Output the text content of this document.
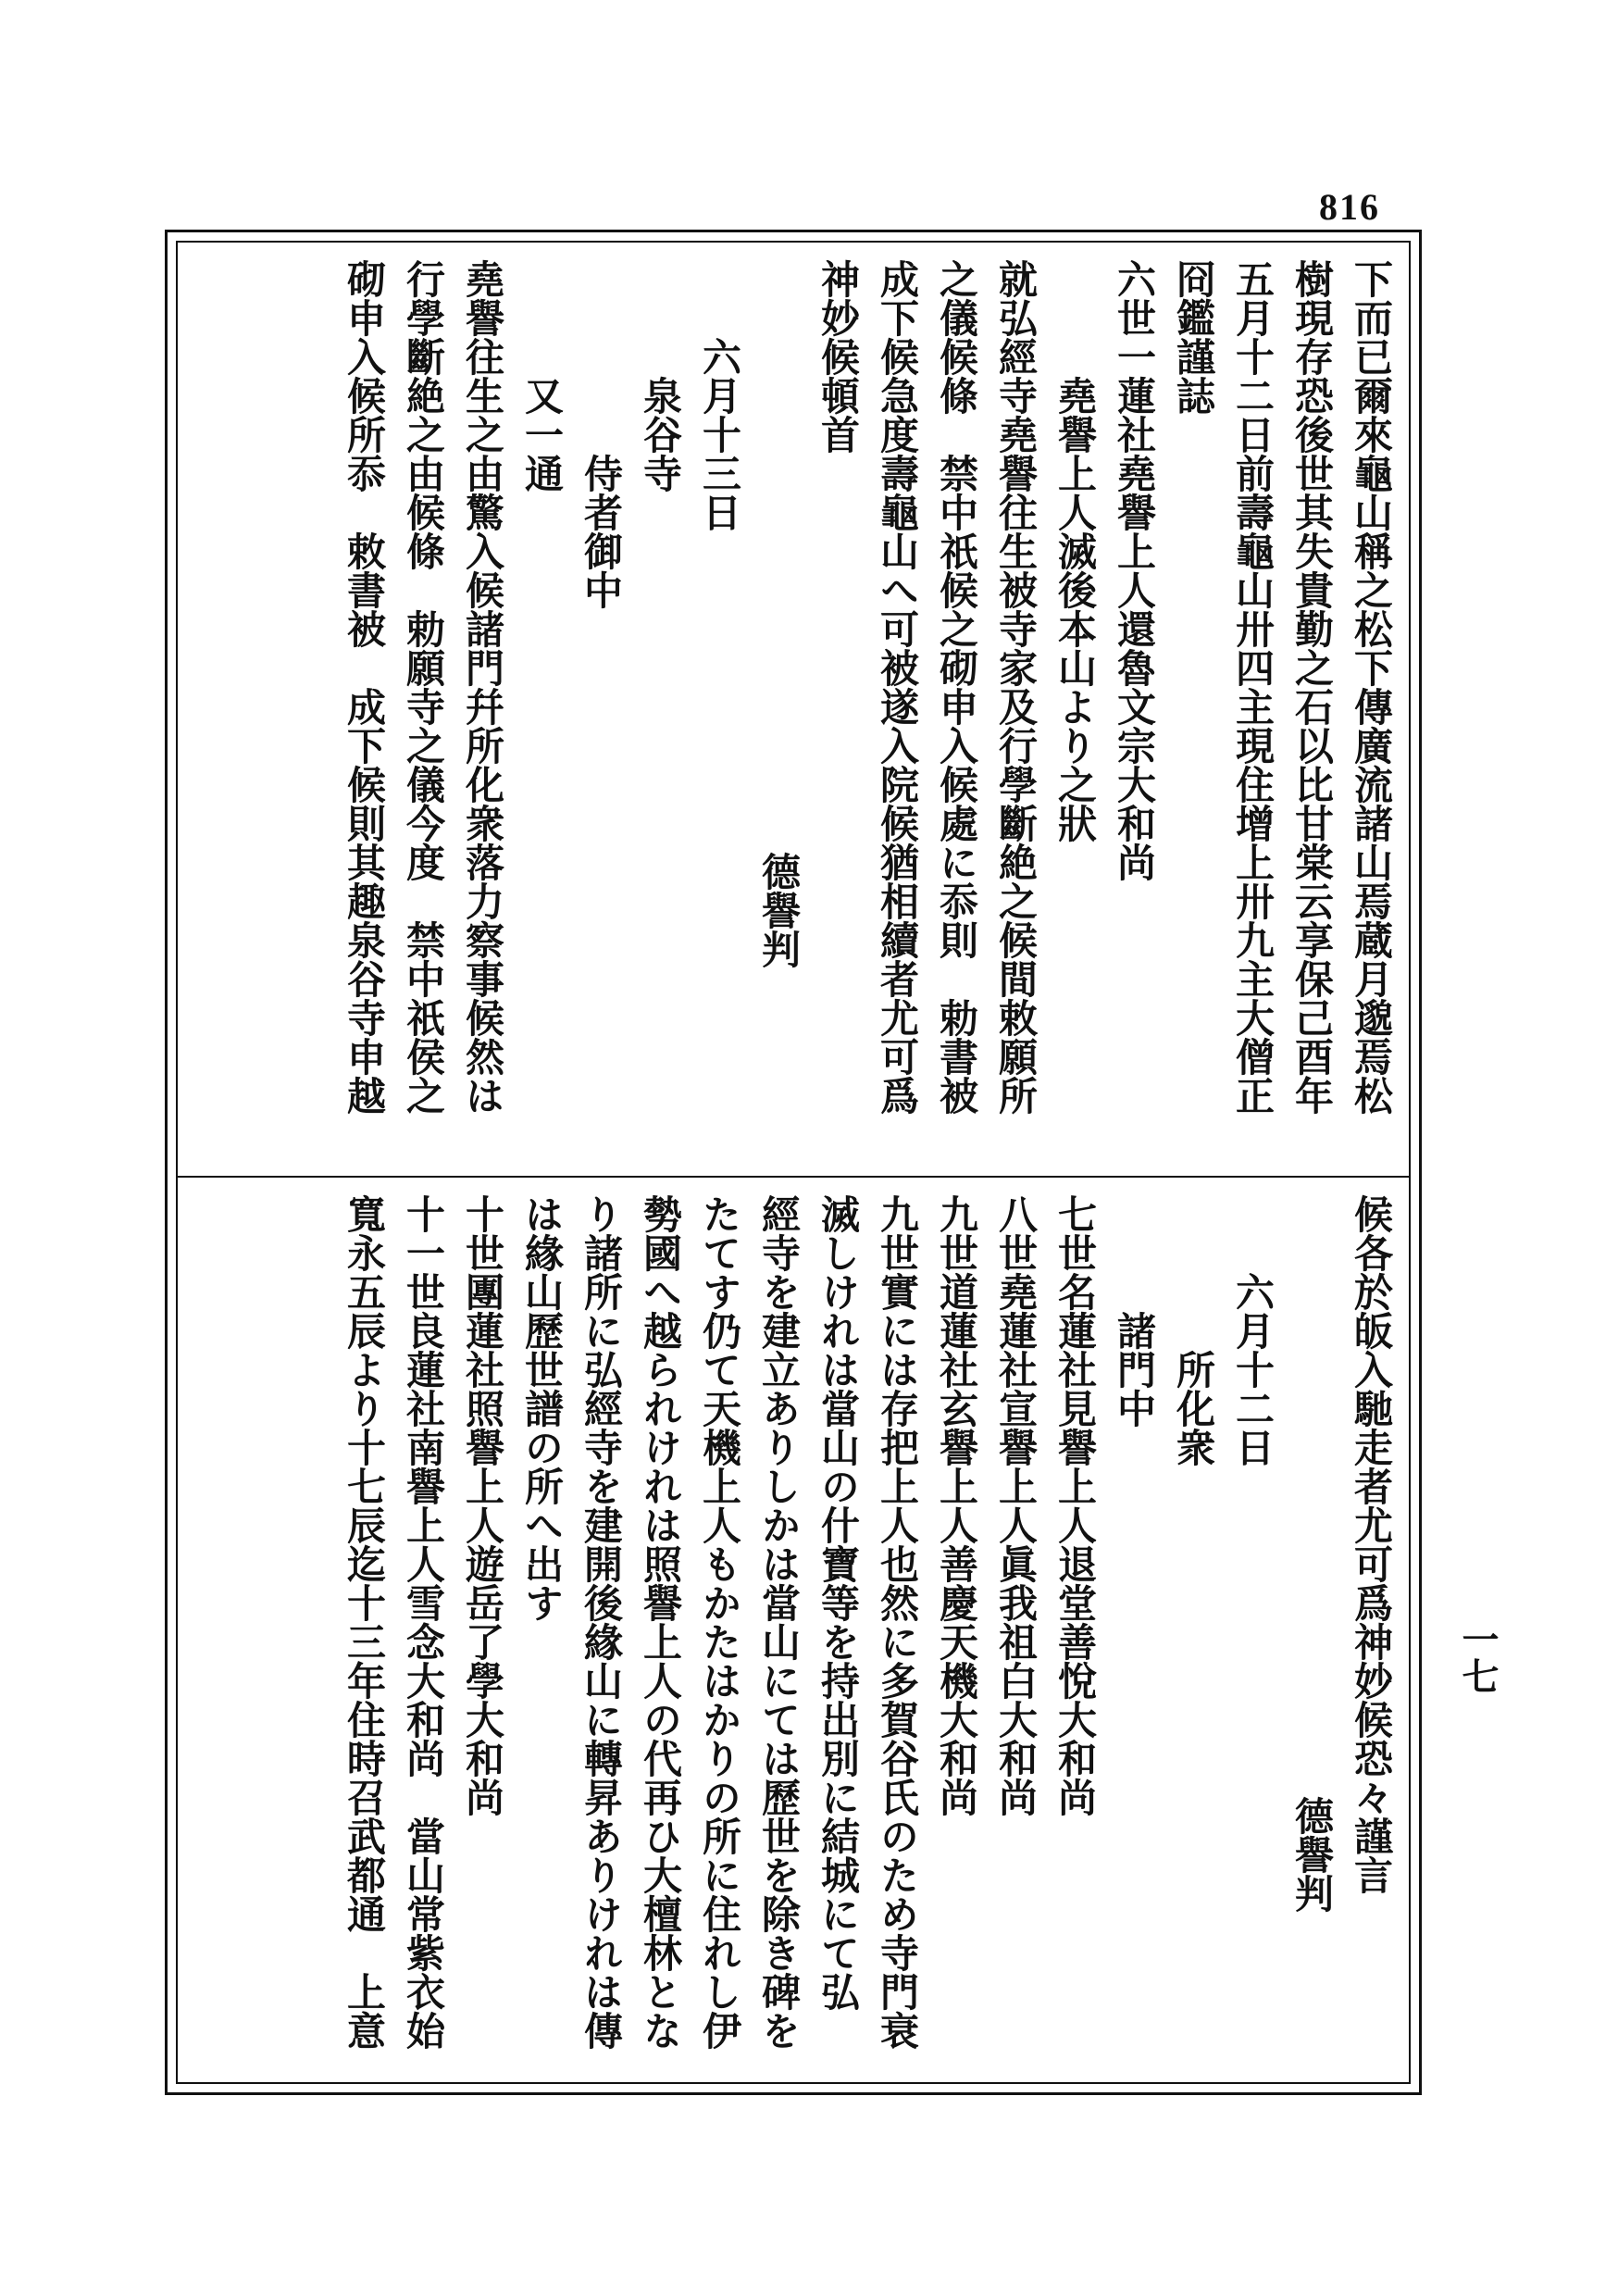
816
一七
下而已爾來龜山稱之松下傳廣流諸山焉蔵月邈焉松
樹現存恐後世其失貴勤之石以比甘棠云享保己酉年
五月十二日前壽龜山卅四主現住增上卅九主大僧正
冏鑑謹誌
六世一蓮社堯譽上人還魯文宗大和尚
堯譽上人滅後本山より之狀
就弘經寺堯譽往生被寺家及行學斷絶之候間敕願所
之儀候條　禁中祇候之砌申入候處に忝則　勅書被
成下候急度壽龜山へ可被遂入院候猶相續者尤可爲
神妙候頓首
德譽判
六月十三日
泉谷寺
侍者御中
又一通
堯譽往生之由驚入候諸門幷所化衆落力察事候然は
行學斷絶之由候條　勅願寺之儀今度　禁中祇侯之
砌申入候所忝　敕書被　成下候則其趣泉谷寺申越
候各於皈入馳走者尤可爲神妙候恐々謹言
德譽判
六月十二日
所化衆
諸門中
七世名蓮社見譽上人退堂善悅大和尚
八世堯蓮社宣譽上人眞我祖白大和尚
九世道蓮社玄譽上人善慶天機大和尚
九世實には存把上人也然に多賀谷氏のため寺門衰
滅しけれは當山の什寶等を持出別に結城にて弘
經寺を建立ありしかは當山にては歷世を除き碑を
たてす仍て天機上人もかたはかりの所に住れし伊
勢國へ越られけれは照譽上人の代再ひ大檀林とな
り諸所に弘經寺を建開後緣山に轉昇ありけれは傳
は緣山歷世譜の所へ出す
十世團蓮社照譽上人遊岳了學大和尚
十一世良蓮社南譽上人雪念大和尚　當山常紫衣始
寬永五辰より十七辰迄十三年住時召武都通　上意
